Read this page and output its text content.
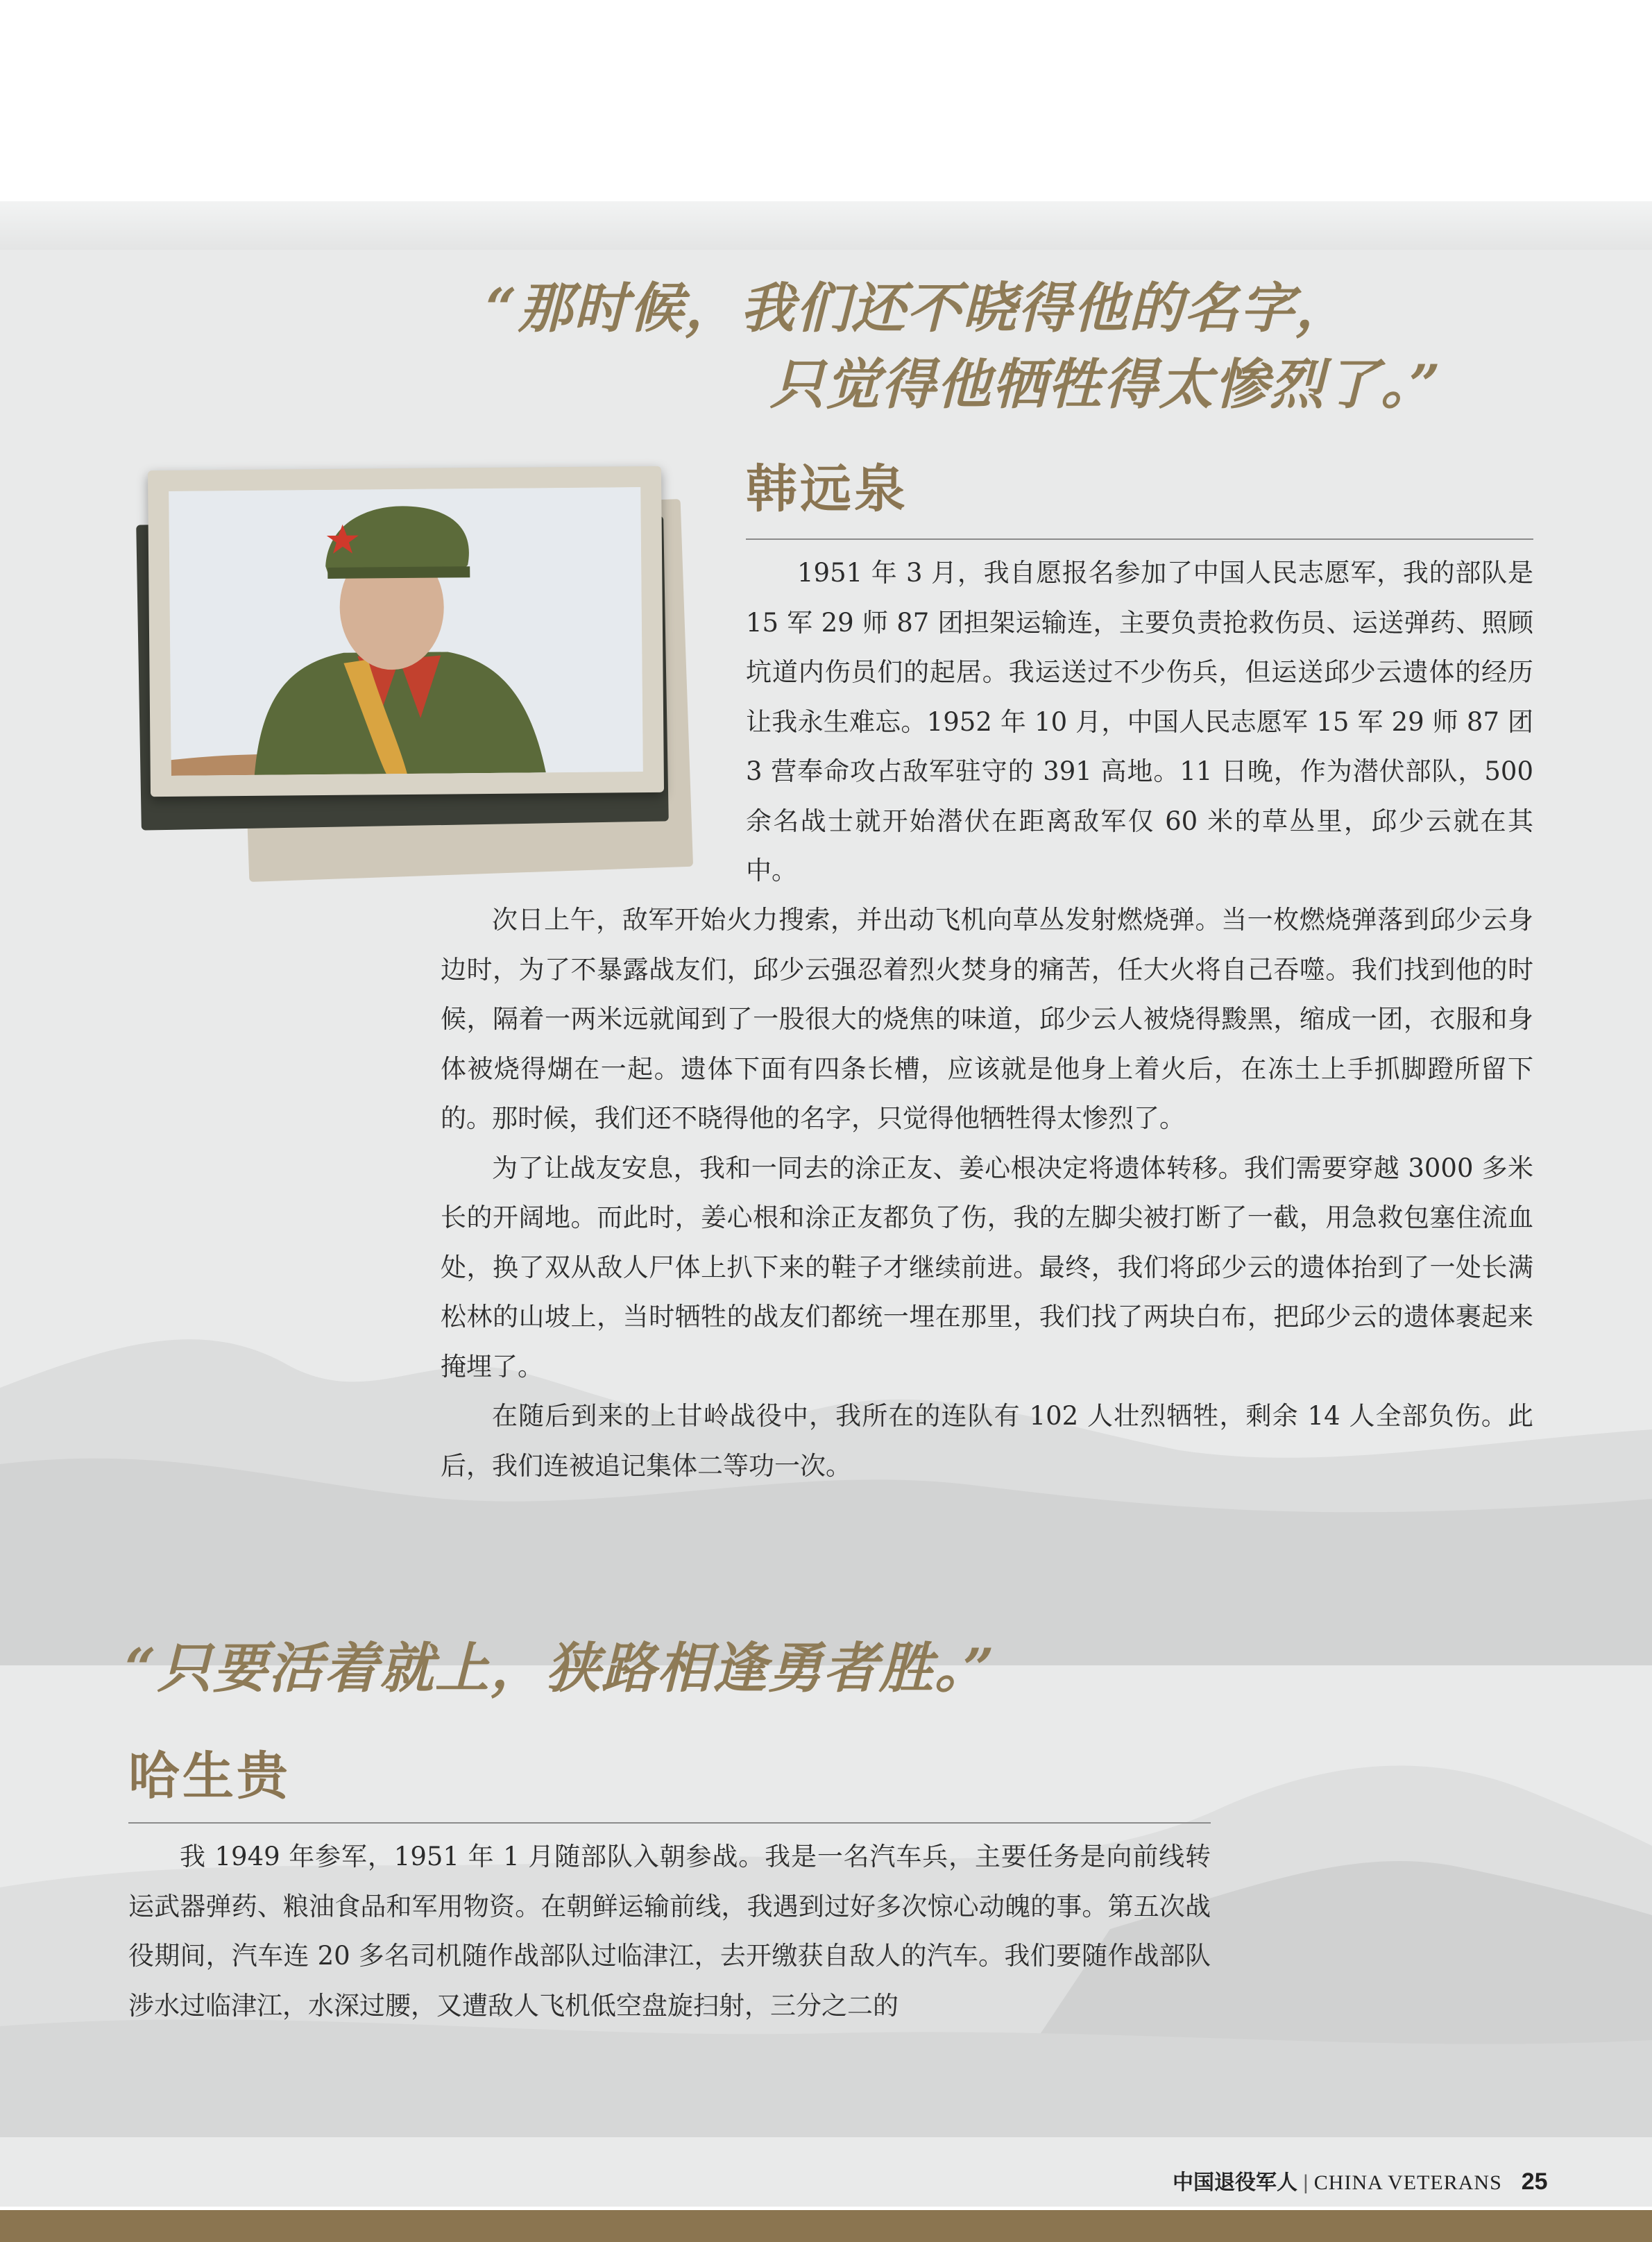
“那时候，我们还不晓得他的名字，
只觉得他牺牲得太惨烈了。”
韩远泉

1951 年 3 月，我自愿报名参加了中国人民志愿军，我的部队是 15 军 29 师 87 团担架运输连，主要负责抢救伤员、运送弹药、照顾坑道内伤员们的起居。我运送过不少伤兵，但运送邱少云遗体的经历让我永生难忘。1952 年 10 月，中国人民志愿军 15 军 29 师 87 团 3 营奉命攻占敌军驻守的 391 高地。11 日晚，作为潜伏部队，500 余名战士就开始潜伏在距离敌军仅 60 米的草丛里，邱少云就在其中。

次日上午，敌军开始火力搜索，并出动飞机向草丛发射燃烧弹。当一枚燃烧弹落到邱少云身边时，为了不暴露战友们，邱少云强忍着烈火焚身的痛苦，任大火将自己吞噬。我们找到他的时候，隔着一两米远就闻到了一股很大的烧焦的味道，邱少云人被烧得黢黑，缩成一团，衣服和身体被烧得煳在一起。遗体下面有四条长槽，应该就是他身上着火后，在冻土上手抓脚蹬所留下的。那时候，我们还不晓得他的名字，只觉得他牺牲得太惨烈了。

为了让战友安息，我和一同去的涂正友、姜心根决定将遗体转移。我们需要穿越 3000 多米长的开阔地。而此时，姜心根和涂正友都负了伤，我的左脚尖被打断了一截，用急救包塞住流血处，换了双从敌人尸体上扒下来的鞋子才继续前进。最终，我们将邱少云的遗体抬到了一处长满松林的山坡上，当时牺牲的战友们都统一埋在那里，我们找了两块白布，把邱少云的遗体裹起来掩埋了。

在随后到来的上甘岭战役中，我所在的连队有 102 人壮烈牺牲，剩余 14 人全部负伤。此后，我们连被追记集体二等功一次。

“只要活着就上，狭路相逢勇者胜。”
哈生贵

我 1949 年参军，1951 年 1 月随部队入朝参战。我是一名汽车兵，主要任务是向前线转运武器弹药、粮油食品和军用物资。在朝鲜运输前线，我遇到过好多次惊心动魄的事。第五次战役期间，汽车连 20 多名司机随作战部队过临津江，去开缴获自敌人的汽车。我们要随作战部队涉水过临津江，水深过腰，又遭敌人飞机低空盘旋扫射，三分之二的

中国退役军人 | CHINA VETERANS 25
